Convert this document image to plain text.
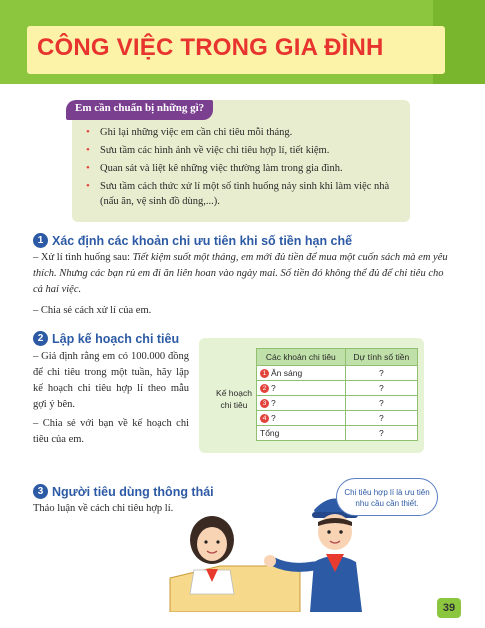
CÔNG VIỆC TRONG GIA ĐÌNH
Em cần chuẩn bị những gì?
• Ghi lại những việc em cần chi tiêu mỗi tháng.
• Sưu tầm các hình ảnh về việc chi tiêu hợp lí, tiết kiệm.
• Quan sát và liệt kê những việc thường làm trong gia đình.
• Sưu tầm cách thức xử lí một số tình huống nảy sinh khi làm việc nhà (nấu ăn, vệ sinh đồ dùng,...).
1 Xác định các khoản chi ưu tiên khi số tiền hạn chế
– Xử lí tình huống sau: Tiết kiệm suốt một tháng, em mới đủ tiền để mua một cuốn sách mà em yêu thích. Nhưng các bạn rủ em đi ăn liên hoan vào ngày mai. Số tiền đó không thể đủ để chi tiêu cho cả hai việc.
– Chia sẻ cách xử lí của em.
2 Lập kế hoạch chi tiêu
– Giả định rằng em có 100.000 đồng để chi tiêu trong một tuần, hãy lập kế hoạch chi tiêu hợp lí theo mẫu gợi ý bên.
– Chia sẻ với bạn về kế hoạch chi tiêu của em.
Kế hoạch chi tiêu
Các khoản chi tiêu	Dự tính số tiền
1 Ăn sáng	?
2 ?	?
3 ?	?
4 ?	?
Tổng	?
3 Người tiêu dùng thông thái
Thảo luận về cách chi tiêu hợp lí.
Chi tiêu hợp lí là ưu tiên nhu cầu cần thiết.
39
